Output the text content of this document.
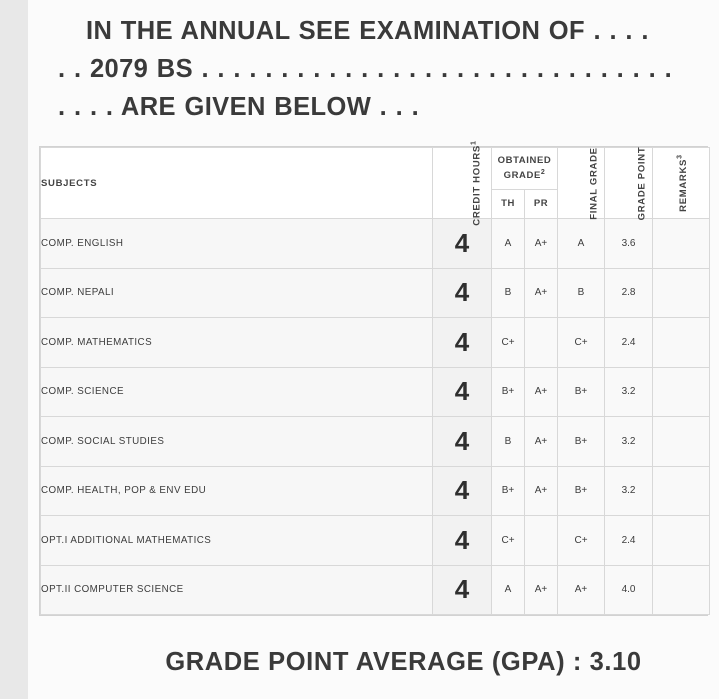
IN THE ANNUAL SEE EXAMINATION OF . . . .
. . 2079 BS . . . . . . . . . . . . . . . . . . . . . . . . . . . . . .
. . . . ARE GIVEN BELOW . . .
SUBJECTS	CREDIT HOURS$^1$	OBTAINED GRADE$^2$		FINAL GRADE	GRADE POINT	REMARKS$^3$
		TH	PR			
COMP. ENGLISH	4	A	A+	A	3.6	
COMP. NEPALI	4	B	A+	B	2.8	
COMP. MATHEMATICS	4	C+		C+	2.4	
COMP. SCIENCE	4	B+	A+	B+	3.2	
COMP. SOCIAL STUDIES	4	B	A+	B+	3.2	
COMP. HEALTH, POP & ENV EDU	4	B+	A+	B+	3.2	
OPT.I ADDITIONAL MATHEMATICS	4	C+		C+	2.4	
OPT.II COMPUTER SCIENCE	4	A	A+	A+	4.0	
GRADE POINT AVERAGE (GPA) : 3.10
